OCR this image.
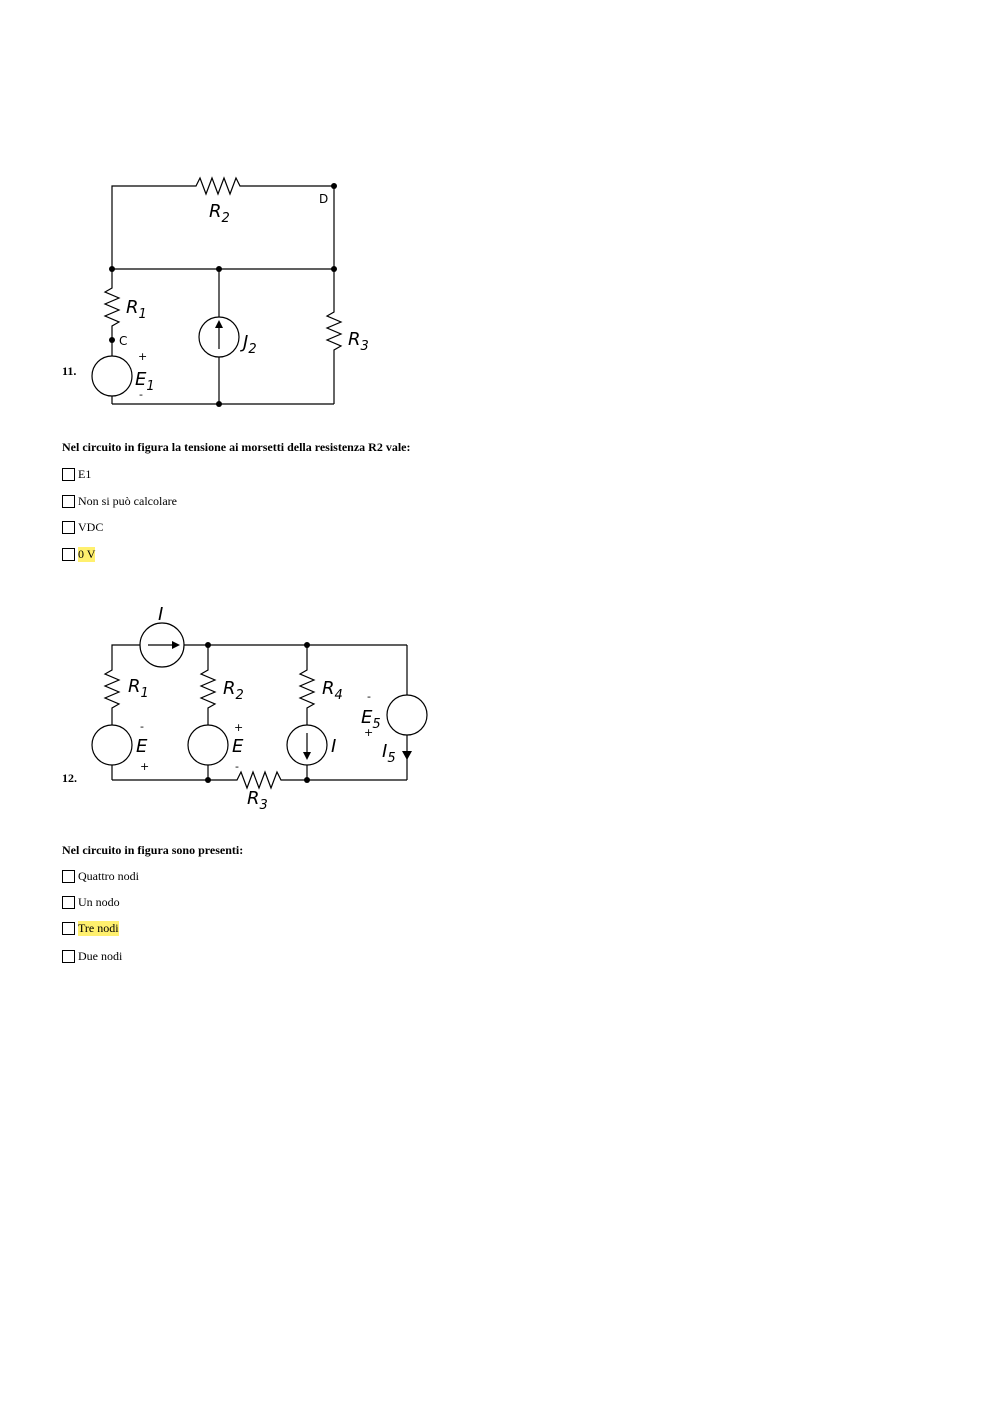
$R_2$
$R_1$
$R_3$
$J_2$
$E_1$
C
D
+
-
11.
Nel circuito in figura la tensione ai morsetti della resistenza R2 vale:
E1
Non si può calcolare
VDC
0 V
I
$R_1$	$R_2$	$R_4$
$R_3$
E	E	I
$E_5$
$I_5$
-
+
+
-
-
+
12.
Nel circuito in figura sono presenti:
Quattro nodi
Un nodo
Tre nodi
Due nodi
